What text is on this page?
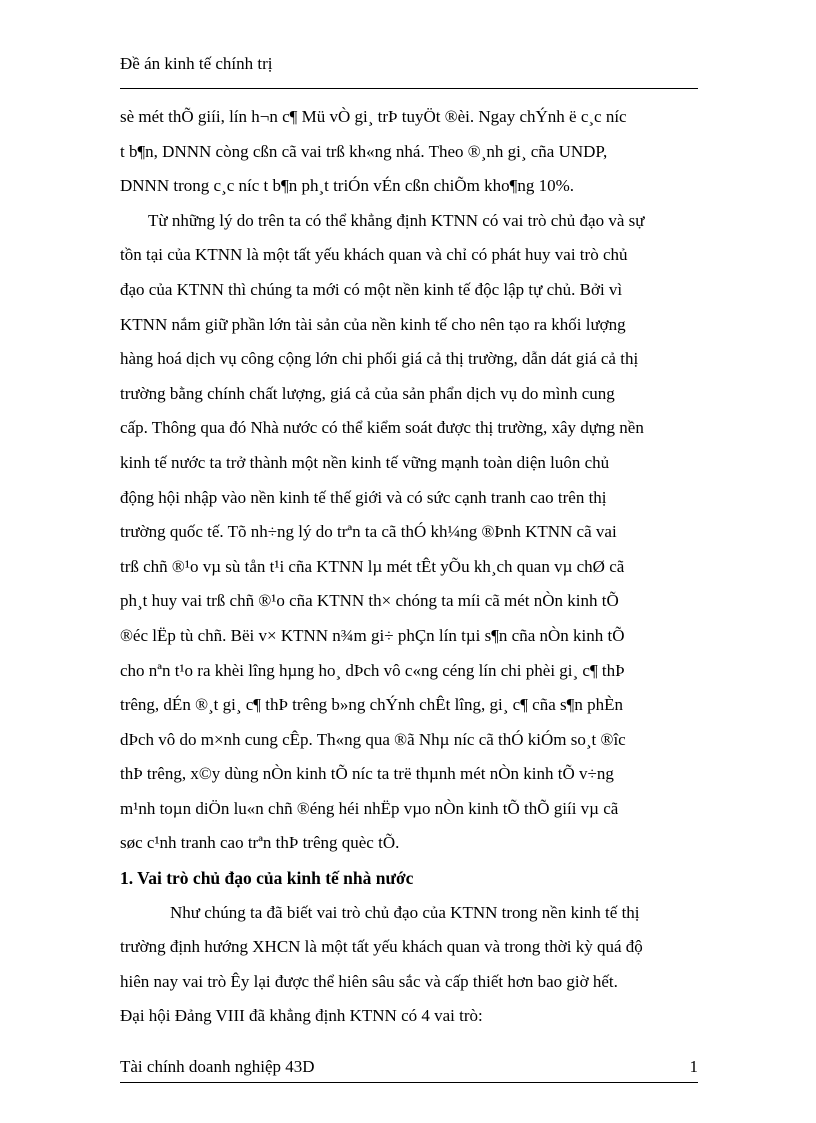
Đề án kinh tế chính trị

sè mét thÕ giíi, lín h¬n c¶ Mü vÒ gi¸ trÞ tuyÖt ®èi. Ngay chÝnh ë c¸c níc
t b¶n, DNNN còng cßn cã vai trß kh«ng nhá. Theo ®¸nh gi¸ cña UNDP,
DNNN trong c¸c níc t b¶n ph¸t triÓn vÉn cßn chiÕm kho¶ng 10%.

Từ những lý do trên ta có thể khẳng định KTNN có vai trò chủ đạo và sự
tồn tại của KTNN là một tất yếu khách quan và chỉ có phát huy vai trò chủ
đạo của KTNN thì chúng ta mới có một nền kinh tế độc lập tự chủ. Bởi vì
KTNN nắm giữ phần lớn tài sản của nền kinh tế cho nên tạo ra khối lượng
hàng hoá dịch vụ công cộng lớn chi phối giá cả thị trường, dẫn dát giá cả thị
trường bằng chính chất lượng, giá cả của sản phẩn dịch vụ do mình cung
cấp. Thông qua đó Nhà nước có thể kiểm soát được thị trường, xây dựng nền
kinh tế nước ta trở thành một nền kinh tế vững mạnh toàn diện luôn chủ
động hội nhập vào nền kinh tế thế giới và có sức cạnh tranh cao trên thị
trường quốc tế. Tõ nh÷ng lý do trªn ta cã thÓ kh¼ng ®Þnh KTNN cã vai
trß chñ ®¹o vµ sù tån t¹i cña KTNN lµ mét tÊt yÕu kh¸ch quan vµ chØ cã
ph¸t huy vai trß chñ ®¹o cña KTNN th× chóng ta míi cã mét nÒn kinh tÕ
®éc lËp tù chñ. Bëi v× KTNN n¾m gi÷ phÇn lín tµi s¶n cña nÒn kinh tÕ
cho nªn t¹o ra khèi lîng hµng ho¸ dÞch vô c«ng céng lín chi phèi gi¸ c¶ thÞ
trêng, dÉn ®¸t gi¸ c¶ thÞ trêng b»ng chÝnh chÊt lîng, gi¸ c¶ cña s¶n phÈn
dÞch vô do m×nh cung cÊp. Th«ng qua ®ã Nhµ níc cã thÓ kiÓm so¸t ®îc
thÞ trêng, x©y dùng nÒn kinh tÕ níc ta trë thµnh mét nÒn kinh tÕ v÷ng
m¹nh toµn diÖn lu«n chñ ®éng héi nhËp vµo nÒn kinh tÕ thÕ giíi vµ cã
søc c¹nh tranh cao trªn thÞ trêng quèc tÕ.

1. Vai trò chủ đạo của kinh tế nhà nước

Như chúng ta đã biết vai trò chủ đạo của KTNN trong nền kinh tế thị
trường định hướng XHCN là một tất yếu khách quan và trong thời kỳ quá độ
hiên nay vai trò Êy lại được thể hiên sâu sắc và cấp thiết hơn bao giờ hết.
Đại hội Đảng VIII đã khẳng định KTNN có 4 vai trò:

Tài chính doanh nghiệp 43D	1
